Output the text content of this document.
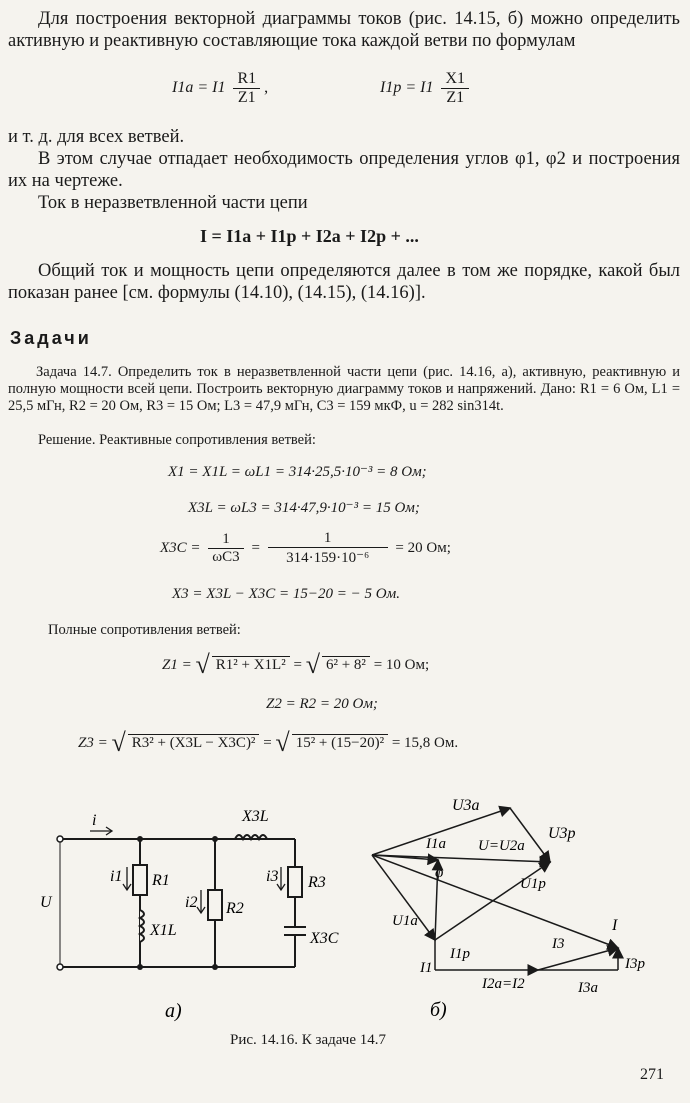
Для построения векторной диаграммы токов (рис. 14.15, б) можно определить активную и реактивную составляющие тока каждой ветви по формулам

$I1a = I1 \frac{R1}{Z1}$ ,	$I1p = I1 \frac{X1}{Z1}$

и т. д. для всех ветвей.

В этом случае отпадает необходимость определения углов φ1, φ2 и построения их на чертеже.

Ток в неразветвленной части цепи

I = I1a + I1p + I2a + I2p + ...

Общий ток и мощность цепи определяются далее в том же порядке, какой был показан ранее [см. формулы (14.10), (14.15), (14.16)].

Задачи

Задача 14.7. Определить ток в неразветвленной части цепи (рис. 14.16, а), активную, реактивную и полную мощности всей цепи. Построить векторную диаграмму токов и напряжений. Дано: R1 = 6 Ом, L1 = 25,5 мГн, R2 = 20 Ом, R3 = 15 Ом; L3 = 47,9 мГн, C3 = 159 мкФ, u = 282 sin314t.

Решение. Реактивные сопротивления ветвей:

X1 = X1L = ωL1 = 314·25,5·10⁻³ = 8 Ом;
X3L = ωL3 = 314·47,9·10⁻³ = 15 Ом;
$X3C = \frac{1}{\omega C3} = \frac{1}{\text{314·159·10⁻⁶}} = 20$ Ом;
X3 = X3L − X3C = 15−20 = − 5 Ом.

Полные сопротивления ветвей:

Z1 = √ R1² + X1L² = √ 6² + 8² = 10 Ом;
Z2 = R2 = 20 Ом;
Z3 = √ R3² + (X3L − X3C)² = √ 15² + (15−20)² = 15,8 Ом.
i
U
i1 R1
X1L
i2 R2
X3L
i3 R3
X3C
а)
U3a
U3p
I1a U=U2a
φ
U1p
U1a
I1
I1p
I3
I
I3p
I2a=I2	I3a
б)

Рис. 14.16. К задаче 14.7

271
